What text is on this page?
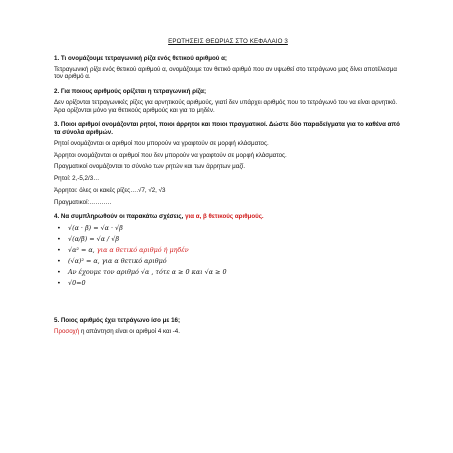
ΕΡΩΤΗΣΕΙΣ ΘΕΩΡΙΑΣ ΣΤΟ ΚΕΦΑΛΑΙΟ 3
1. Τι ονομάζουμε τετραγωνική ρίζα ενός θετικού αριθμού α;
Τετραγωνική ρίζα ενός θετικού αριθμού α, ονομάζουμε τον θετικό αριθμό που αν υψωθεί στο τετράγωνο μας δίνει αποτέλεσμα τον αριθμό α.
2. Για ποιους αριθμούς ορίζεται η τετραγωνική ρίζα;
Δεν ορίζονται τετραγωνικές ρίζες για αρνητικούς αριθμούς, γιατί δεν υπάρχει αριθμός που το τετράγωνό του να είναι αρνητικό. Άρα ορίζονται μόνο για θετικούς αριθμούς και για το μηδέν.
3. Ποιοι αριθμοί ονομάζονται ρητοί, ποιοι άρρητοι και ποιοι πραγματικοί. Δώστε δύο παραδείγματα για το καθένα από τα σύνολα αριθμών.
Ρητοί ονομάζονται οι αριθμοί που μπορούν να γραφτούν σε μορφή κλάσματος.
Άρρητοι ονομάζονται οι αριθμοί που δεν μπορούν να γραφτούν σε μορφή κλάσματος.
Πραγματικοί ονομάζονται το σύνολο των ρητών και των άρρητων μαζί.
Ρητοί: 2,-5,2/3…
Άρρητοι: όλες οι κακές ρίζες….√7, √2, √3
Πραγματικοί:………..
4. Να συμπληρωθούν οι παρακάτω σχέσεις, για α, β θετικούς αριθμούς.
• √(α · β) = √α · √β
• √(α/β) = √α / √β
• √α² = α, για α θετικό αριθμό ή μηδέν
• (√α)² = α, για α θετικό αριθμό
• Αν έχουμε τον αριθμό √α , τότε α ≥ 0 και √α ≥ 0
• √0=0
5. Ποιος αριθμός έχει τετράγωνο ίσο με 16;
Προσοχή η απάντηση είναι οι αριθμοί 4 και -4.
